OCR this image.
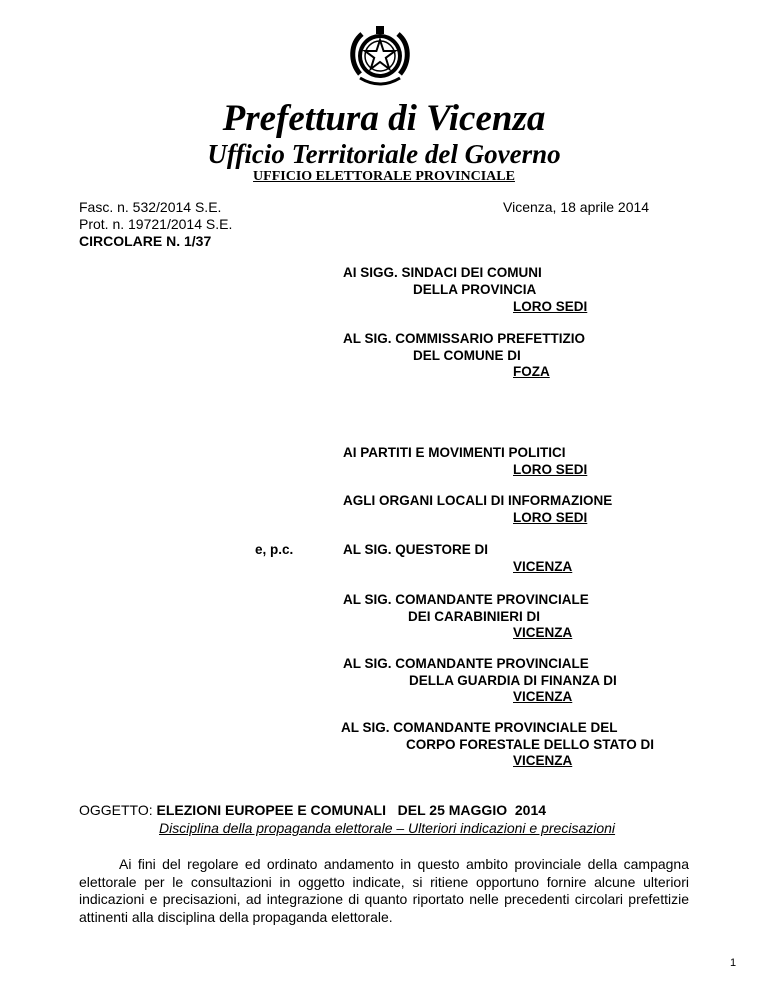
Prefettura di Vicenza
Ufficio Territoriale del Governo
UFFICIO ELETTORALE PROVINCIALE
Fasc. n. 532/2014 S.E.
Prot. n. 19721/2014 S.E.
CIRCOLARE N. 1/37
Vicenza, 18 aprile 2014
AI SIGG. SINDACI DEI COMUNI
DELLA PROVINCIA
LORO SEDI
AL SIG. COMMISSARIO PREFETTIZIO
DEL COMUNE DI
FOZA
AI PARTITI E MOVIMENTI POLITICI
LORO SEDI
AGLI ORGANI LOCALI DI INFORMAZIONE
LORO SEDI
e, p.c.	AL SIG. QUESTORE DI
VICENZA
AL SIG. COMANDANTE PROVINCIALE
DEI CARABINIERI DI
VICENZA
AL SIG. COMANDANTE PROVINCIALE
DELLA GUARDIA DI FINANZA DI
VICENZA
AL SIG. COMANDANTE PROVINCIALE DEL
CORPO FORESTALE DELLO STATO DI
VICENZA
OGGETTO: ELEZIONI EUROPEE E COMUNALI   DEL 25 MAGGIO  2014
Disciplina della propaganda elettorale – Ulteriori indicazioni e precisazioni
Ai fini del regolare ed ordinato andamento in questo ambito provinciale della campagna elettorale per le consultazioni in oggetto indicate, si ritiene opportuno fornire alcune ulteriori indicazioni e precisazioni, ad integrazione di quanto riportato nelle precedenti circolari prefettizie attinenti alla disciplina della propaganda elettorale.
1
